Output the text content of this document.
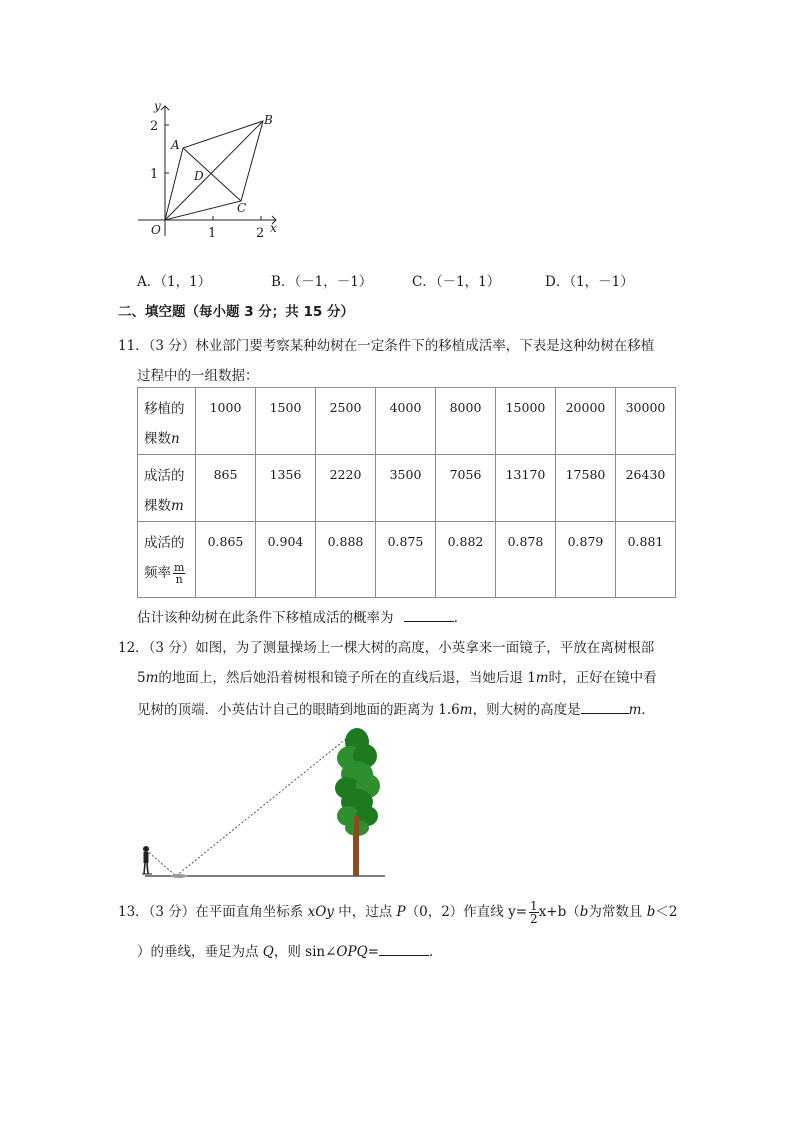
y
x
O
A
B
C
D
2
1
1	2
A．（1，1）	B．（－1，－1）	C．（－1，1）	D．（1，－1）
二、填空题（每小题 3 分；共 15 分）
11．（3 分）林业部门要考察某种幼树在一定条件下的移植成活率，下表是这种幼树在移植
过程中的一组数据：
移植的
棵数n	1000	1500	2500	4000	8000	15000	20000	30000
成活的
棵数m	865	1356	2220	3500	7056	13170	17580	26430
成活的
频率 $\frac{m}{n}$	0.865	0.904	0.888	0.875	0.882	0.878	0.879	0.881
估计该种幼树在此条件下移植成活的概率为	．
12．（3 分）如图，为了测量操场上一棵大树的高度，小英拿来一面镜子，平放在离树根部
5m的地面上，然后她沿着树根和镜子所在的直线后退，当她后退 1m时，正好在镜中看
见树的顶端．小英估计自己的眼睛到地面的距离为 1.6m，则大树的高度是	m．
13．（3 分）在平面直角坐标系 xOy 中，过点 P（0，2）作直线 $y= \frac{1}{2} x+b(b$为常数且 b＜2
）的垂线，垂足为点 Q，则 sin∠OPQ=	．
